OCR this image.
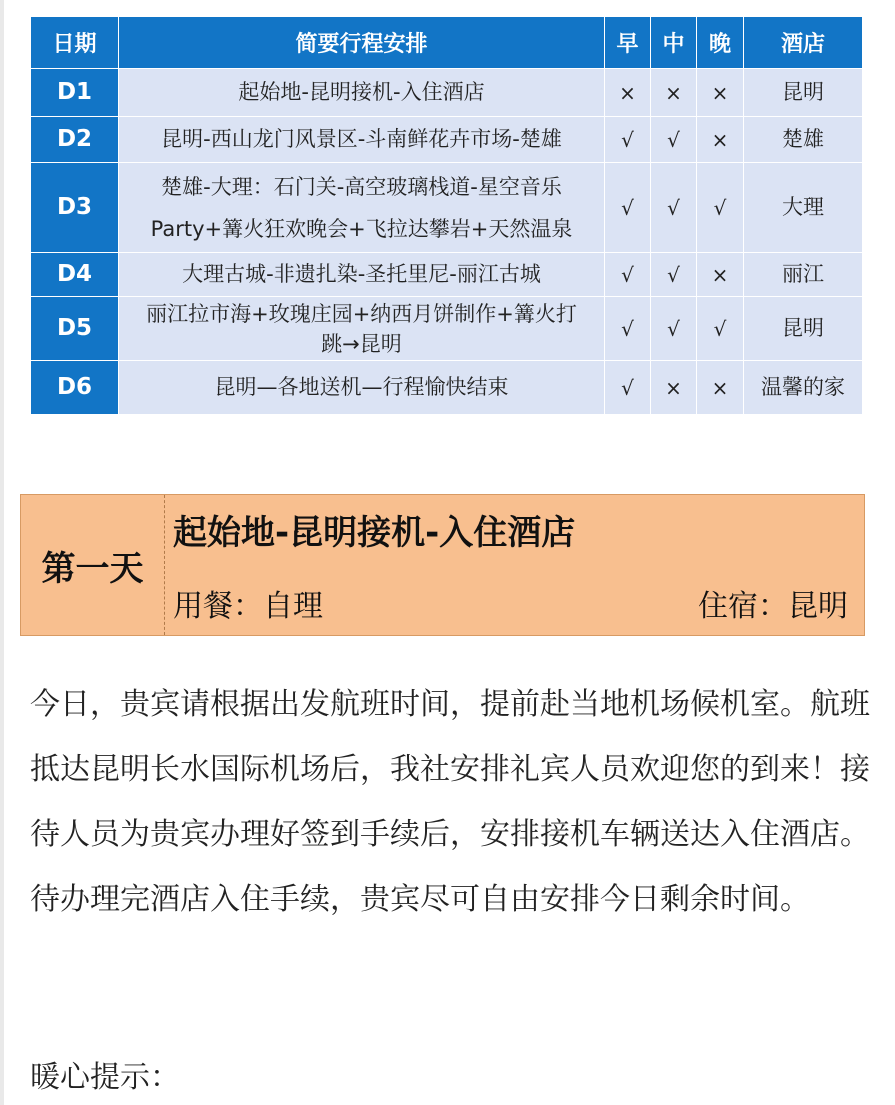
日期	简要行程安排	早	中	晚	酒店
D1	起始地-昆明接机-入住酒店	×	×	×	昆明
D2	昆明-西山龙门风景区-斗南鲜花卉市场-楚雄	√	√	×	楚雄
D3	楚雄-大理：石门关-高空玻璃栈道-星空音乐
Party+篝火狂欢晚会+飞拉达攀岩+天然温泉	√	√	√	大理
D4	大理古城-非遗扎染-圣托里尼-丽江古城	√	√	×	丽江
D5	丽江拉市海+玫瑰庄园+纳西月饼制作+篝火打
跳→昆明	√	√	√	昆明
D6	昆明—各地送机—行程愉快结束	√	×	×	温馨的家
第一天
起始地-昆明接机-入住酒店
用餐：自理	住宿：昆明
今日，贵宾请根据出发航班时间，提前赴当地机场候机室。航班抵达昆明长水国际机场后，我社安排礼宾人员欢迎您的到来！接待人员为贵宾办理好签到手续后，安排接机车辆送达入住酒店。待办理完酒店入住手续，贵宾尽可自由安排今日剩余时间。
暖心提示：
